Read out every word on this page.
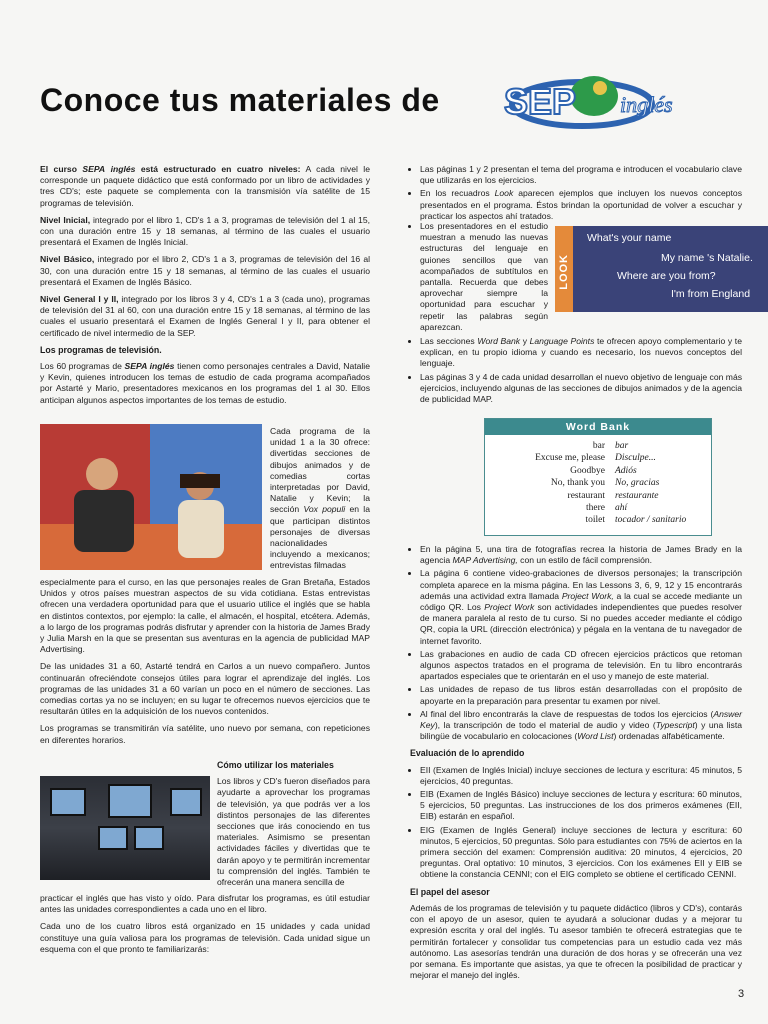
Conoce tus materiales de SEP inglés

El curso SEPA inglés está estructurado en cuatro niveles: A cada nivel le corresponde un paquete didáctico que está conformado por un libro de actividades y tres CD's; este paquete se complementa con la transmisión vía satélite de 15 programas de televisión.

Nivel Inicial, integrado por el libro 1, CD's 1 a 3, programas de televisión del 1 al 15, con una duración entre 15 y 18 semanas, al término de las cuales el usuario presentará el Examen de Inglés Inicial.

Nivel Básico, integrado por el libro 2, CD's 1 a 3, programas de televisión del 16 al 30, con una duración entre 15 y 18 semanas, al término de las cuales el usuario presentará el Examen de Inglés Básico.

Nivel General I y II, integrado por los libros 3 y 4, CD's 1 a 3 (cada uno), programas de televisión del 31 al 60, con una duración entre 15 y 18 semanas, al término de las cuales el usuario presentará el Examen de Inglés General I y II, para obtener el certificado de nivel intermedio de la SEP.

Los programas de televisión.

Los 60 programas de SEPA inglés tienen como personajes centrales a David, Natalie y Kevin, quienes introducen los temas de estudio de cada programa acompañados por Astarté y Mario, presentadores mexicanos en los programas del 1 al 30. Ellos anticipan algunos aspectos importantes de los temas de estudio.

Cada programa de la unidad 1 a la 30 ofrece: divertidas secciones de dibujos animados y de comedias cortas interpretadas por David, Natalie y Kevin; la sección Vox populi en la que participan distintos personajes de diversas nacionalidades incluyendo a mexicanos; entrevistas filmadas

especialmente para el curso, en las que personajes reales de Gran Bretaña, Estados Unidos y otros países muestran aspectos de su vida cotidiana. Estas entrevistas ofrecen una verdadera oportunidad para que el usuario utilice el inglés que se habla en distintos contextos, por ejemplo: la calle, el almacén, el hospital, etcétera. Además, a lo largo de los programas podrás disfrutar y aprender con la historia de James Brady y Julia Marsh en la que se presentan sus aventuras en la agencia de publicidad MAP Advertising.

De las unidades 31 a 60, Astarté tendrá en Carlos a un nuevo compañero. Juntos continuarán ofreciéndote consejos útiles para lograr el aprendizaje del inglés. Los programas de las unidades 31 a 60 varían un poco en el número de secciones. Las comedias cortas ya no se incluyen; en su lugar te ofrecemos nuevos ejercicios que te resultarán útiles en la adquisición de los nuevos contenidos.

Los programas se transmitirán vía satélite, uno nuevo por semana, con repeticiones en diferentes horarios.

Cómo utilizar los materiales

Los libros y CD's fueron diseñados para ayudarte a aprovechar los programas de televisión, ya que podrás ver a los distintos personajes de las diferentes secciones que irás conociendo en tus materiales. Asimismo se presentan actividades fáciles y divertidas que te darán apoyo y te permitirán incrementar tu comprensión del inglés. También te ofrecerán una manera sencilla de

practicar el inglés que has visto y oído. Para disfrutar los programas, es útil estudiar antes las unidades correspondientes a cada uno en el libro.

Cada uno de los cuatro libros está organizado en 15 unidades y cada unidad constituye una guía valiosa para los programas de televisión. Cada unidad sigue un esquema con el que pronto te familiarizarás:

• Las páginas 1 y 2 presentan el tema del programa e introducen el vocabulario clave que utilizarás en los ejercicios.
• En los recuadros Look aparecen ejemplos que incluyen los nuevos conceptos presentados en el programa. Éstos brindan la oportunidad de volver a escuchar y practicar los aspectos ahí tratados.
• Los presentadores en el estudio muestran a menudo las nuevas estructuras del lenguaje en guiones sencillos que van acompañados de subtítulos en pantalla. Recuerda que debes aprovechar siempre la oportunidad para escuchar y repetir las palabras según aparezcan.
LOOK
What's your name
My name 's Natalie.
Where are you from?
I'm from England
• Las secciones Word Bank y Language Points te ofrecen apoyo complementario y te explican, en tu propio idioma y cuando es necesario, los nuevos conceptos del lenguaje.
• Las páginas 3 y 4 de cada unidad desarrollan el nuevo objetivo de lenguaje con más ejercicios, incluyendo algunas de las secciones de dibujos animados y de la agencia de publicidad MAP.
Word Bank
bar	bar
Excuse me, please	Disculpe...
Goodbye	Adiós
No, thank you	No, gracias
restaurant	restaurante
there	ahí
toilet	tocador / sanitario
• En la página 5, una tira de fotografías recrea la historia de James Brady en la agencia MAP Advertising, con un estilo de fácil comprensión.
• La página 6 contiene video-grabaciones de diversos personajes; la transcripción completa aparece en la misma página. En las Lessons 3, 6, 9, 12 y 15 encontrarás además una actividad extra llamada Project Work, a la cual se accede mediante un código QR. Los Project Work son actividades independientes que puedes resolver de manera paralela al resto de tu curso. Si no puedes acceder mediante el código QR, copia la URL (dirección electrónica) y pégala en la ventana de tu navegador de internet favorito.
• Las grabaciones en audio de cada CD ofrecen ejercicios prácticos que retoman algunos aspectos tratados en el programa de televisión. En tu libro encontrarás apartados especiales que te orientarán en el uso y manejo de este material.
• Las unidades de repaso de tus libros están desarrolladas con el propósito de apoyarte en la preparación para presentar tu examen por nivel.
• Al final del libro encontrarás la clave de respuestas de todos los ejercicios (Answer Key), la transcripción de todo el material de audio y video (Typescript) y una lista bilingüe de vocabulario en colocaciones (Word List) ordenadas alfabéticamente.
Evaluación de lo aprendido
• EII (Examen de Inglés Inicial) incluye secciones de lectura y escritura: 45 minutos, 5 ejercicios, 40 preguntas.
• EIB (Examen de Inglés Básico) incluye secciones de lectura y escritura: 60 minutos, 5 ejercicios, 50 preguntas. Las instrucciones de los dos primeros exámenes (EII, EIB) estarán en español.
• EIG (Examen de Inglés General) incluye secciones de lectura y escritura: 60 minutos, 5 ejercicios, 50 preguntas. Sólo para estudiantes con 75% de aciertos en la primera sección del examen: Comprensión auditiva: 20 minutos, 4 ejercicios, 20 preguntas. Oral optativo: 10 minutos, 3 ejercicios. Con los exámenes EII y EIB se obtiene la constancia CENNI; con el EIG completo se obtiene el certificado CENNI.
El papel del asesor

Además de los programas de televisión y tu paquete didáctico (libros y CD's), contarás con el apoyo de un asesor, quien te ayudará a solucionar dudas y a mejorar tu expresión escrita y oral del inglés. Tu asesor también te ofrecerá estrategias que te permitirán fortalecer y consolidar tus competencias para un estudio cada vez más autónomo. Las asesorías tendrán una duración de dos horas y se ofrecerán una vez por semana. Es importante que asistas, ya que te ofrecen la posibilidad de practicar y mejorar el manejo del inglés.

3
